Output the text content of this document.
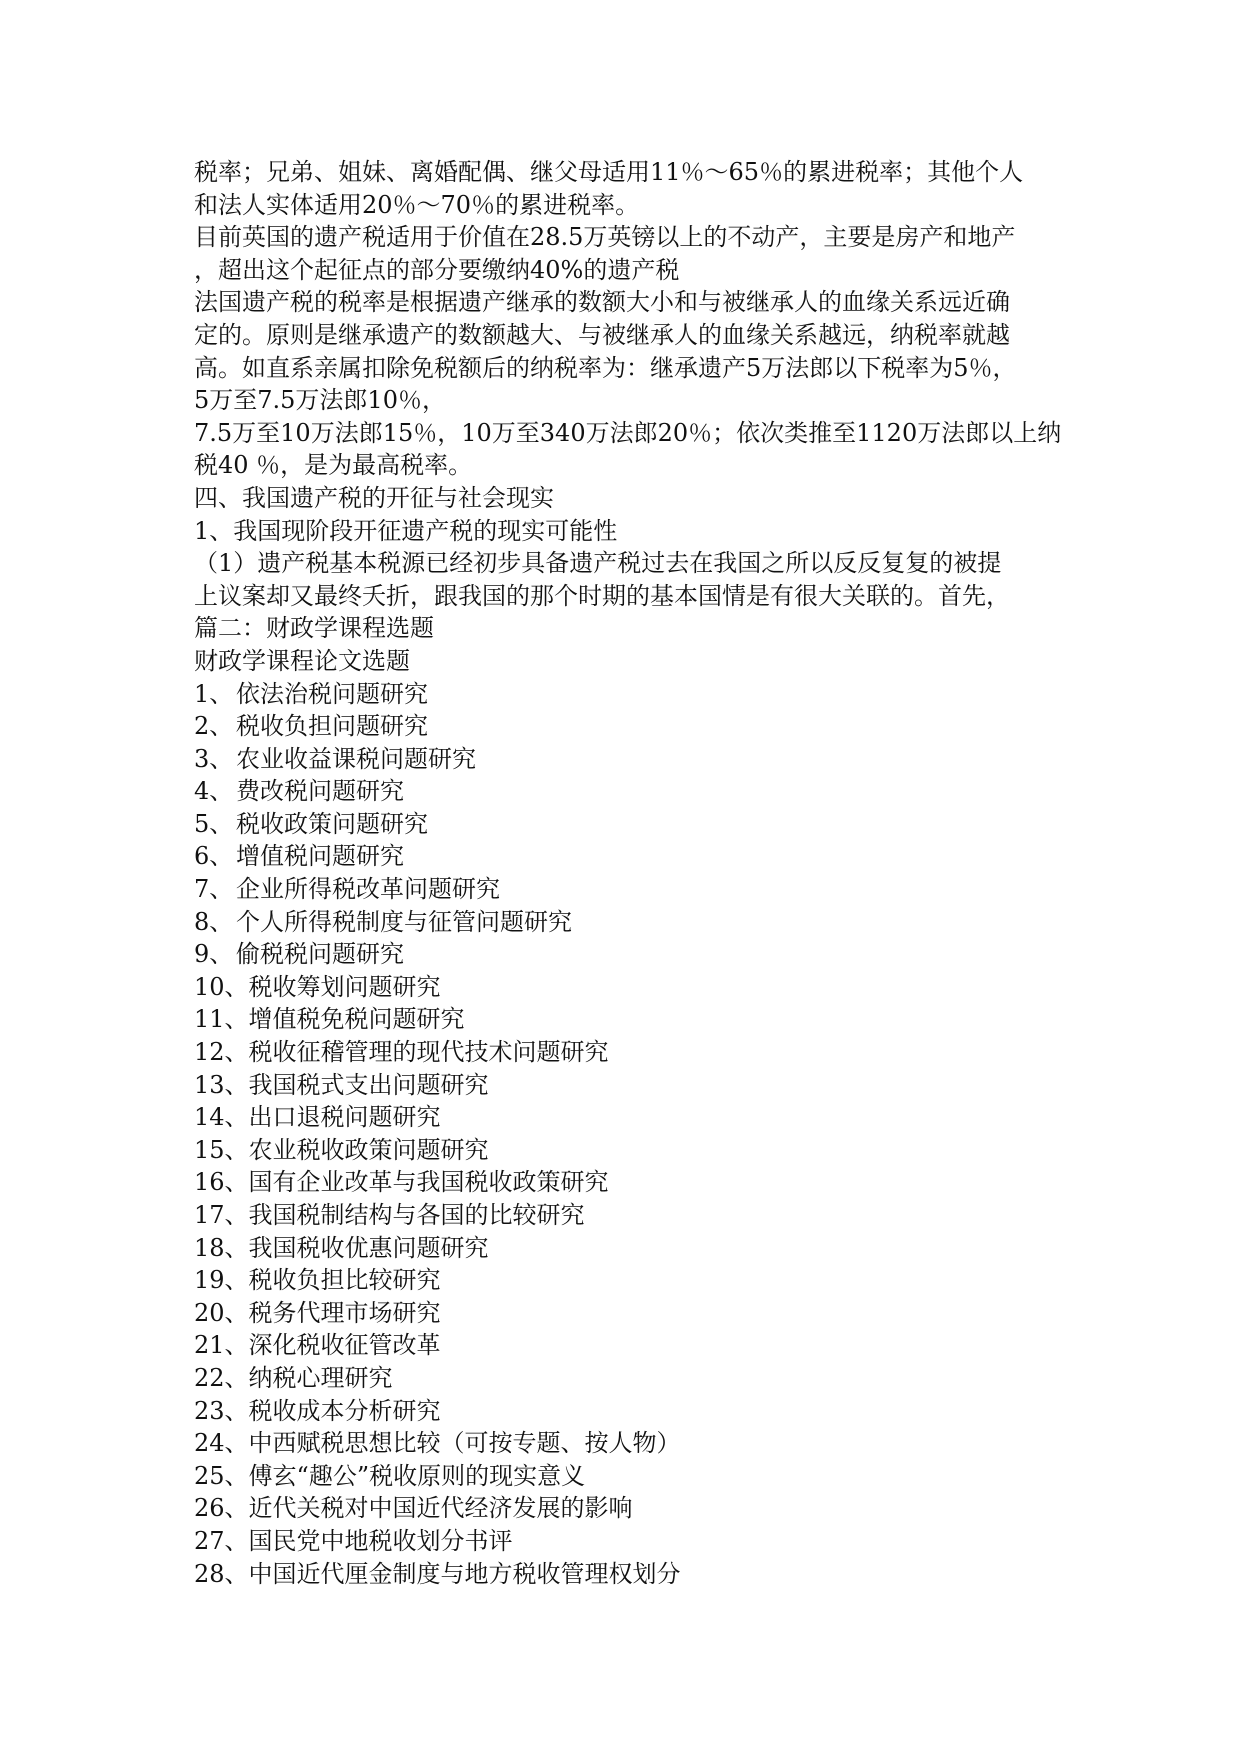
税率；兄弟、姐妹、离婚配偶、继父母适用11％～65％的累进税率；其他个人
和法人实体适用20％～70％的累进税率。
目前英国的遗产税适用于价值在28.5万英镑以上的不动产，主要是房产和地产
，超出这个起征点的部分要缴纳40%的遗产税
法国遗产税的税率是根据遗产继承的数额大小和与被继承人的血缘关系远近确
定的。原则是继承遗产的数额越大、与被继承人的血缘关系越远，纳税率就越
高。如直系亲属扣除免税额后的纳税率为：继承遗产5万法郎以下税率为5％，
5万至7.5万法郎10％，
7.5万至10万法郎15％，10万至340万法郎20％；依次类推至1120万法郎以上纳
税40 ％，是为最高税率。
四、我国遗产税的开征与社会现实
1、我国现阶段开征遗产税的现实可能性
（1）遗产税基本税源已经初步具备遗产税过去在我国之所以反反复复的被提
上议案却又最终夭折，跟我国的那个时期的基本国情是有很大关联的。首先，
篇二：财政学课程选题
财政学课程论文选题
1、 依法治税问题研究
2、 税收负担问题研究
3、 农业收益课税问题研究
4、 费改税问题研究
5、 税收政策问题研究
6、 增值税问题研究
7、 企业所得税改革问题研究
8、 个人所得税制度与征管问题研究
9、 偷税税问题研究
10、税收筹划问题研究
11、增值税免税问题研究
12、税收征稽管理的现代技术问题研究
13、我国税式支出问题研究
14、出口退税问题研究
15、农业税收政策问题研究
16、国有企业改革与我国税收政策研究
17、我国税制结构与各国的比较研究
18、我国税收优惠问题研究
19、税收负担比较研究
20、税务代理市场研究
21、深化税收征管改革
22、纳税心理研究
23、税收成本分析研究
24、中西赋税思想比较（可按专题、按人物）
25、傅玄“趣公”税收原则的现实意义
26、近代关税对中国近代经济发展的影响
27、国民党中地税收划分书评
28、中国近代厘金制度与地方税收管理权划分
